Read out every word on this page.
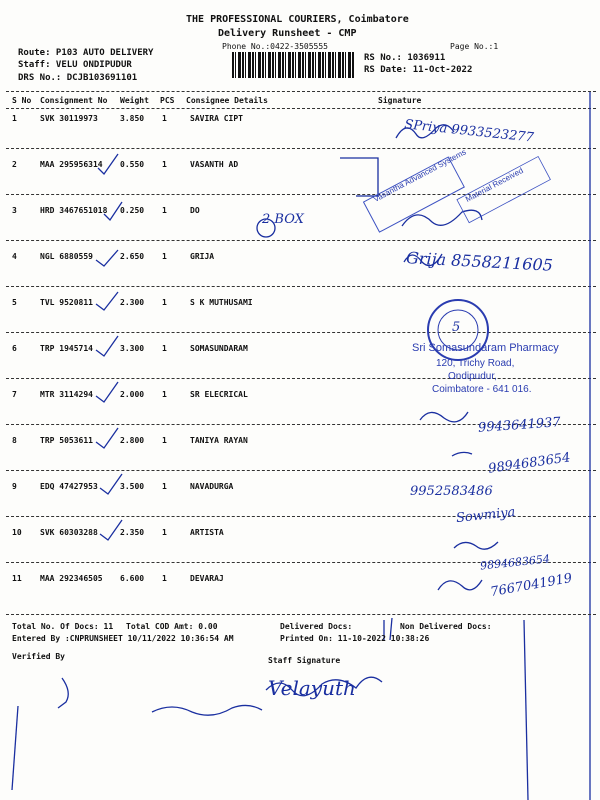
THE PROFESSIONAL COURIERS, Coimbatore
Delivery Runsheet - CMP
Phone No.:0422-3505555	Page No.:1
Route: P103 AUTO DELIVERY
Staff: VELU ONDIPUDUR
DRS No.: DCJB103691101
RS No.: 1036911
RS Date: 11-Oct-2022
S No Consignment No Weight PCS Consignee Details	Signature
1	SVK 30119973	3.850 1	SAVIRA CIPT
2	MAA 295956314 0.550 1	VASANTH AD
3	HRD 3467651018 0.250 1	DO
4	NGL 6880559	2.650 1	GRIJA
5	TVL 9520811	2.300 1	S K MUTHUSAMI
6	TRP 1945714	3.300 1	SOMASUNDARAM
7	MTR 3114294	2.000 1	SR ELECRICAL
8	TRP 5053611	2.800 1	TANIYA RAYAN
9	EDQ 47427953	3.500 1	NAVADURGA
10 SVK 60303288	2.350 1	ARTISTA
11 MAA 292346505 6.600 1	DEVARAJ
2 BOX
SPriya 9933523277
Grija 8558211605
9943641937
9894683654
9952583486
Sowmiya
9894683654
7667041919
5
Vasantha Advanced Systems
Material Received
Sri Somasundaram Pharmacy
120, Trichy Road,
Ondipudur,
Coimbatore - 641 016.
Total No. Of Docs: 11 Total COD Amt: 0.00	Delivered Docs:	Non Delivered Docs:
Entered By :CNPRUNSHEET 10/11/2022 10:36:54 AM	Printed On: 11-10-2022 10:38:26
Verified By	Staff Signature
Velayuth
